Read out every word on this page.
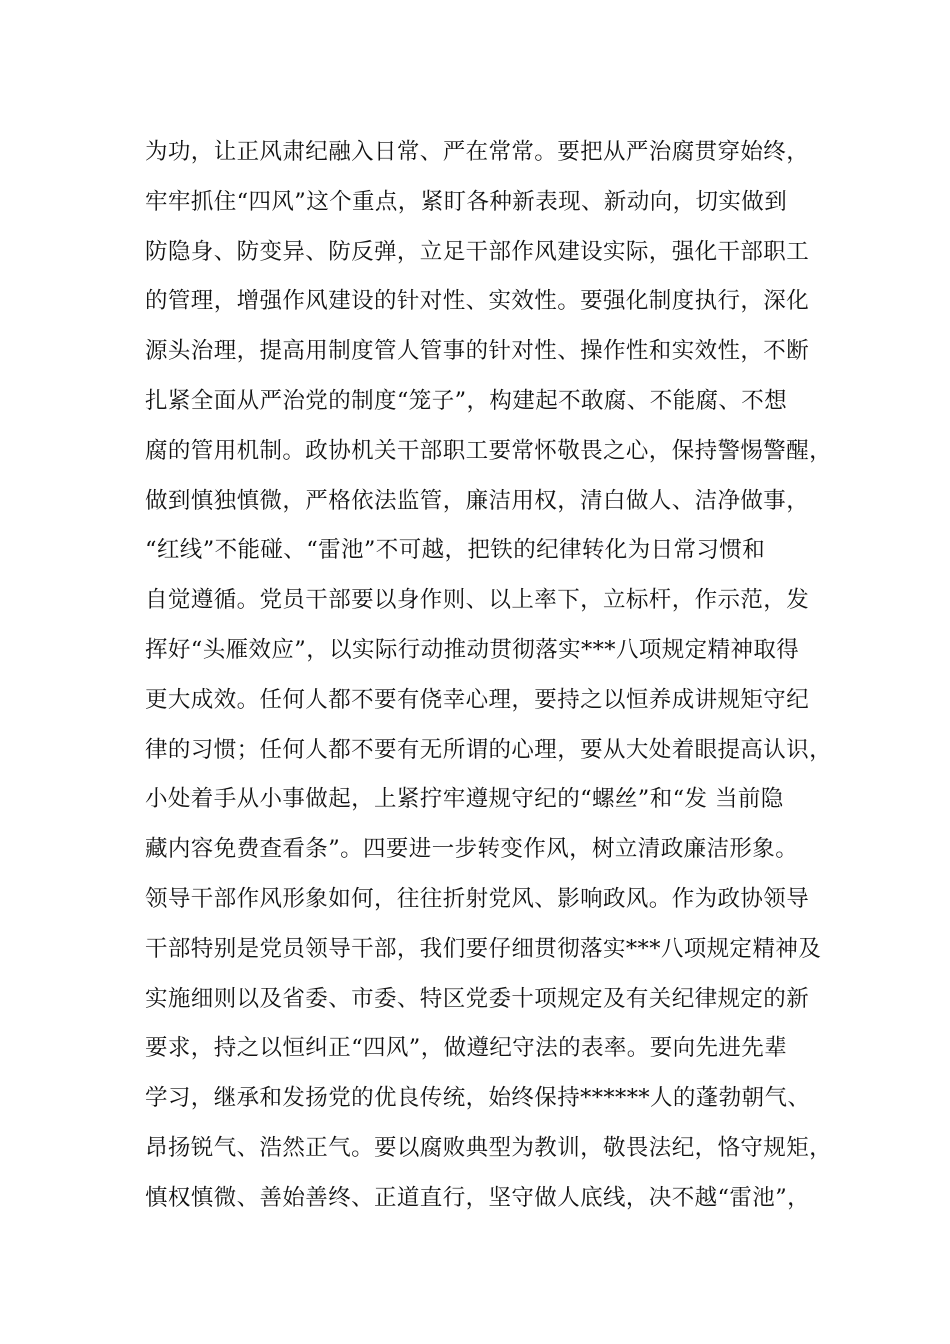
为功，让正风肃纪融入日常、严在常常。要把从严治腐贯穿始终，
牢牢抓住“四风”这个重点，紧盯各种新表现、新动向，切实做到
防隐身、防变异、防反弹，立足干部作风建设实际，强化干部职工
的管理，增强作风建设的针对性、实效性。要强化制度执行，深化
源头治理，提高用制度管人管事的针对性、操作性和实效性，不断
扎紧全面从严治党的制度“笼子”，构建起不敢腐、不能腐、不想
腐的管用机制。政协机关干部职工要常怀敬畏之心，保持警惕警醒，
做到慎独慎微，严格依法监管，廉洁用权，清白做人、洁净做事，
“红线”不能碰、“雷池”不可越，把铁的纪律转化为日常习惯和
自觉遵循。党员干部要以身作则、以上率下，立标杆，作示范，发
挥好“头雁效应”，以实际行动推动贯彻落实***八项规定精神取得
更大成效。任何人都不要有侥幸心理，要持之以恒养成讲规矩守纪
律的习惯；任何人都不要有无所谓的心理，要从大处着眼提高认识，
小处着手从小事做起，上紧拧牢遵规守纪的“螺丝”和“发 当前隐
藏内容免费查看条”。四要进一步转变作风，树立清政廉洁形象。
领导干部作风形象如何，往往折射党风、影响政风。作为政协领导
干部特别是党员领导干部，我们要仔细贯彻落实***八项规定精神及
实施细则以及省委、市委、特区党委十项规定及有关纪律规定的新
要求，持之以恒纠正“四风”，做遵纪守法的表率。要向先进先辈
学习，继承和发扬党的优良传统，始终保持******人的蓬勃朝气、
昂扬锐气、浩然正气。要以腐败典型为教训，敬畏法纪，恪守规矩，
慎权慎微、善始善终、正道直行，坚守做人底线，决不越“雷池”，
